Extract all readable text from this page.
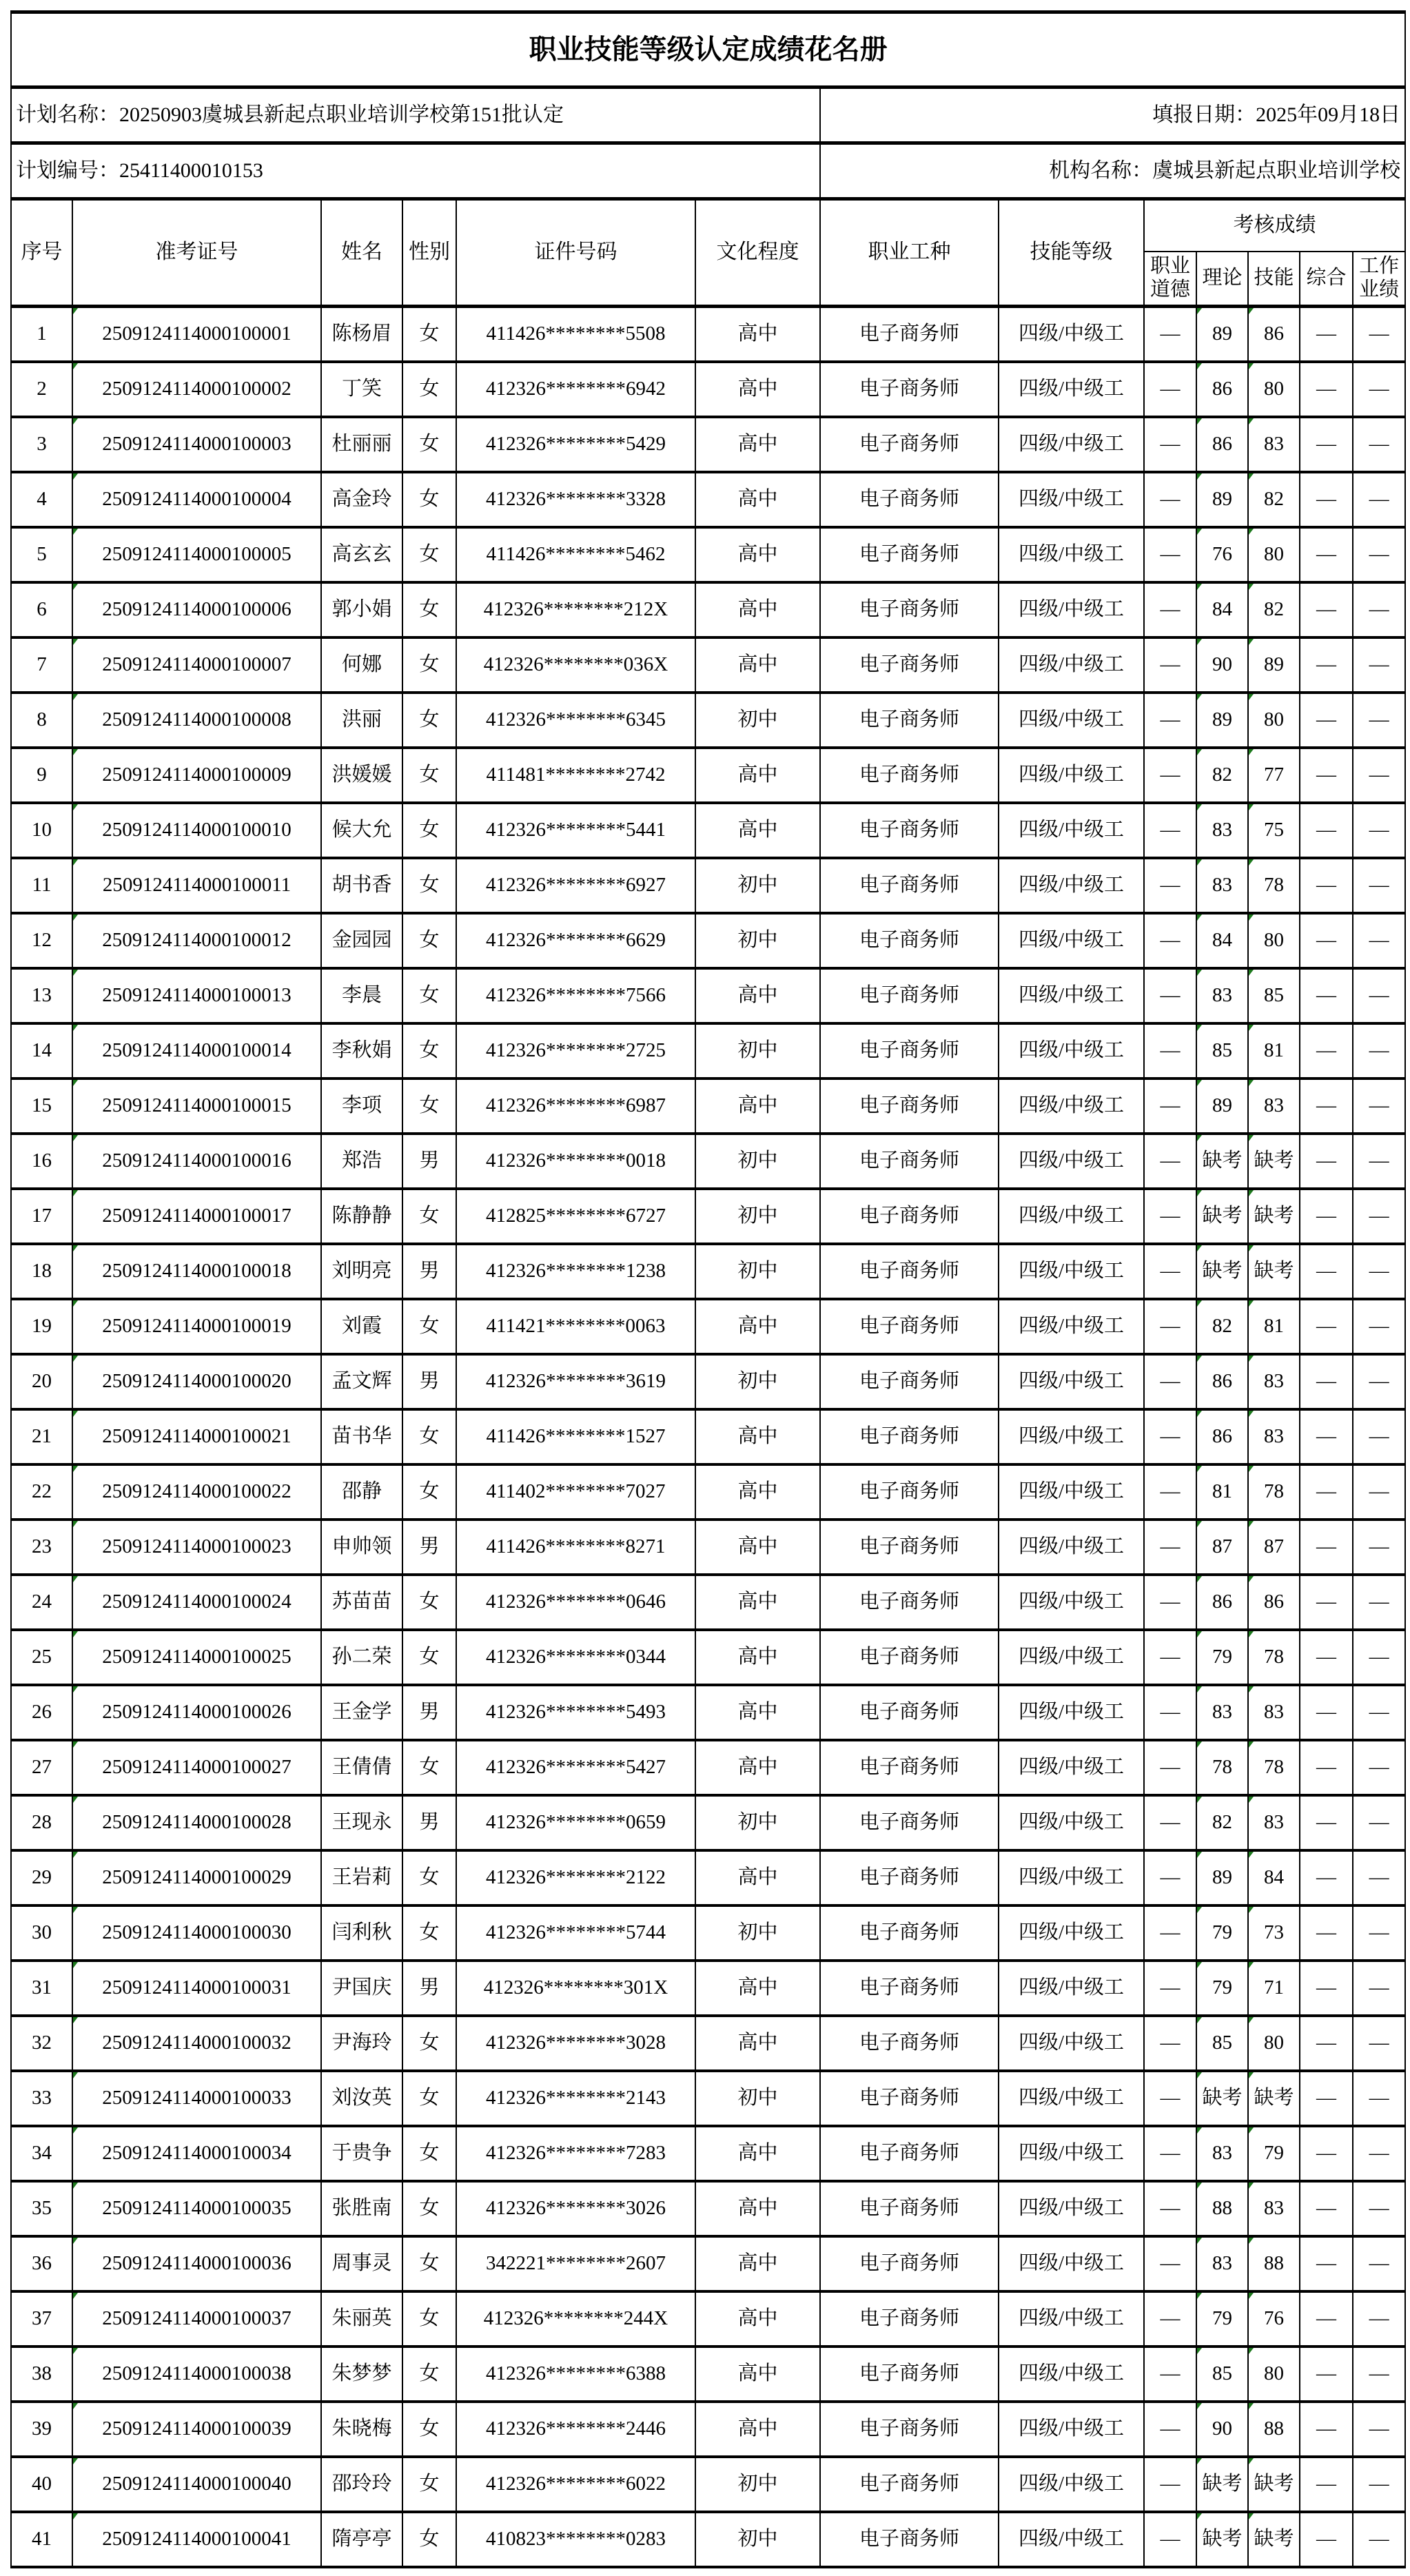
职业技能等级认定成绩花名册												
计划名称：20250903虞城县新起点职业培训学校第151批认定						填报日期：2025年09月18日						
计划编号：25411400010153						机构名称：虞城县新起点职业培训学校						
序号	准考证号	姓名	性别	证件号码	文化程度	职业工种	技能等级	考核成绩				
								职业道德	理论	技能	综合	工作业绩
1	2509124114000100001	陈杨眉	女	411426********5508	高中	电子商务师	四级/中级工	—	89	86	—	—
2	2509124114000100002	丁笑	女	412326********6942	高中	电子商务师	四级/中级工	—	86	80	—	—
3	2509124114000100003	杜丽丽	女	412326********5429	高中	电子商务师	四级/中级工	—	86	83	—	—
4	2509124114000100004	高金玲	女	412326********3328	高中	电子商务师	四级/中级工	—	89	82	—	—
5	2509124114000100005	高玄玄	女	411426********5462	高中	电子商务师	四级/中级工	—	76	80	—	—
6	2509124114000100006	郭小娟	女	412326********212X	高中	电子商务师	四级/中级工	—	84	82	—	—
7	2509124114000100007	何娜	女	412326********036X	高中	电子商务师	四级/中级工	—	90	89	—	—
8	2509124114000100008	洪丽	女	412326********6345	初中	电子商务师	四级/中级工	—	89	80	—	—
9	2509124114000100009	洪媛媛	女	411481********2742	高中	电子商务师	四级/中级工	—	82	77	—	—
10	2509124114000100010	候大允	女	412326********5441	高中	电子商务师	四级/中级工	—	83	75	—	—
11	2509124114000100011	胡书香	女	412326********6927	初中	电子商务师	四级/中级工	—	83	78	—	—
12	2509124114000100012	金园园	女	412326********6629	初中	电子商务师	四级/中级工	—	84	80	—	—
13	2509124114000100013	李晨	女	412326********7566	高中	电子商务师	四级/中级工	—	83	85	—	—
14	2509124114000100014	李秋娟	女	412326********2725	初中	电子商务师	四级/中级工	—	85	81	—	—
15	2509124114000100015	李项	女	412326********6987	高中	电子商务师	四级/中级工	—	89	83	—	—
16	2509124114000100016	郑浩	男	412326********0018	初中	电子商务师	四级/中级工	—	缺考	缺考	—	—
17	2509124114000100017	陈静静	女	412825********6727	初中	电子商务师	四级/中级工	—	缺考	缺考	—	—
18	2509124114000100018	刘明亮	男	412326********1238	初中	电子商务师	四级/中级工	—	缺考	缺考	—	—
19	2509124114000100019	刘霞	女	411421********0063	高中	电子商务师	四级/中级工	—	82	81	—	—
20	2509124114000100020	孟文辉	男	412326********3619	初中	电子商务师	四级/中级工	—	86	83	—	—
21	2509124114000100021	苗书华	女	411426********1527	高中	电子商务师	四级/中级工	—	86	83	—	—
22	2509124114000100022	邵静	女	411402********7027	高中	电子商务师	四级/中级工	—	81	78	—	—
23	2509124114000100023	申帅领	男	411426********8271	高中	电子商务师	四级/中级工	—	87	87	—	—
24	2509124114000100024	苏苗苗	女	412326********0646	高中	电子商务师	四级/中级工	—	86	86	—	—
25	2509124114000100025	孙二荣	女	412326********0344	高中	电子商务师	四级/中级工	—	79	78	—	—
26	2509124114000100026	王金学	男	412326********5493	高中	电子商务师	四级/中级工	—	83	83	—	—
27	2509124114000100027	王倩倩	女	412326********5427	高中	电子商务师	四级/中级工	—	78	78	—	—
28	2509124114000100028	王现永	男	412326********0659	初中	电子商务师	四级/中级工	—	82	83	—	—
29	2509124114000100029	王岩莉	女	412326********2122	高中	电子商务师	四级/中级工	—	89	84	—	—
30	2509124114000100030	闫利秋	女	412326********5744	初中	电子商务师	四级/中级工	—	79	73	—	—
31	2509124114000100031	尹国庆	男	412326********301X	高中	电子商务师	四级/中级工	—	79	71	—	—
32	2509124114000100032	尹海玲	女	412326********3028	高中	电子商务师	四级/中级工	—	85	80	—	—
33	2509124114000100033	刘汝英	女	412326********2143	初中	电子商务师	四级/中级工	—	缺考	缺考	—	—
34	2509124114000100034	于贵争	女	412326********7283	高中	电子商务师	四级/中级工	—	83	79	—	—
35	2509124114000100035	张胜南	女	412326********3026	高中	电子商务师	四级/中级工	—	88	83	—	—
36	2509124114000100036	周事灵	女	342221********2607	高中	电子商务师	四级/中级工	—	83	88	—	—
37	2509124114000100037	朱丽英	女	412326********244X	高中	电子商务师	四级/中级工	—	79	76	—	—
38	2509124114000100038	朱梦梦	女	412326********6388	高中	电子商务师	四级/中级工	—	85	80	—	—
39	2509124114000100039	朱晓梅	女	412326********2446	高中	电子商务师	四级/中级工	—	90	88	—	—
40	2509124114000100040	邵玲玲	女	412326********6022	初中	电子商务师	四级/中级工	—	缺考	缺考	—	—
41	2509124114000100041	隋亭亭	女	410823********0283	初中	电子商务师	四级/中级工	—	缺考	缺考	—	—
